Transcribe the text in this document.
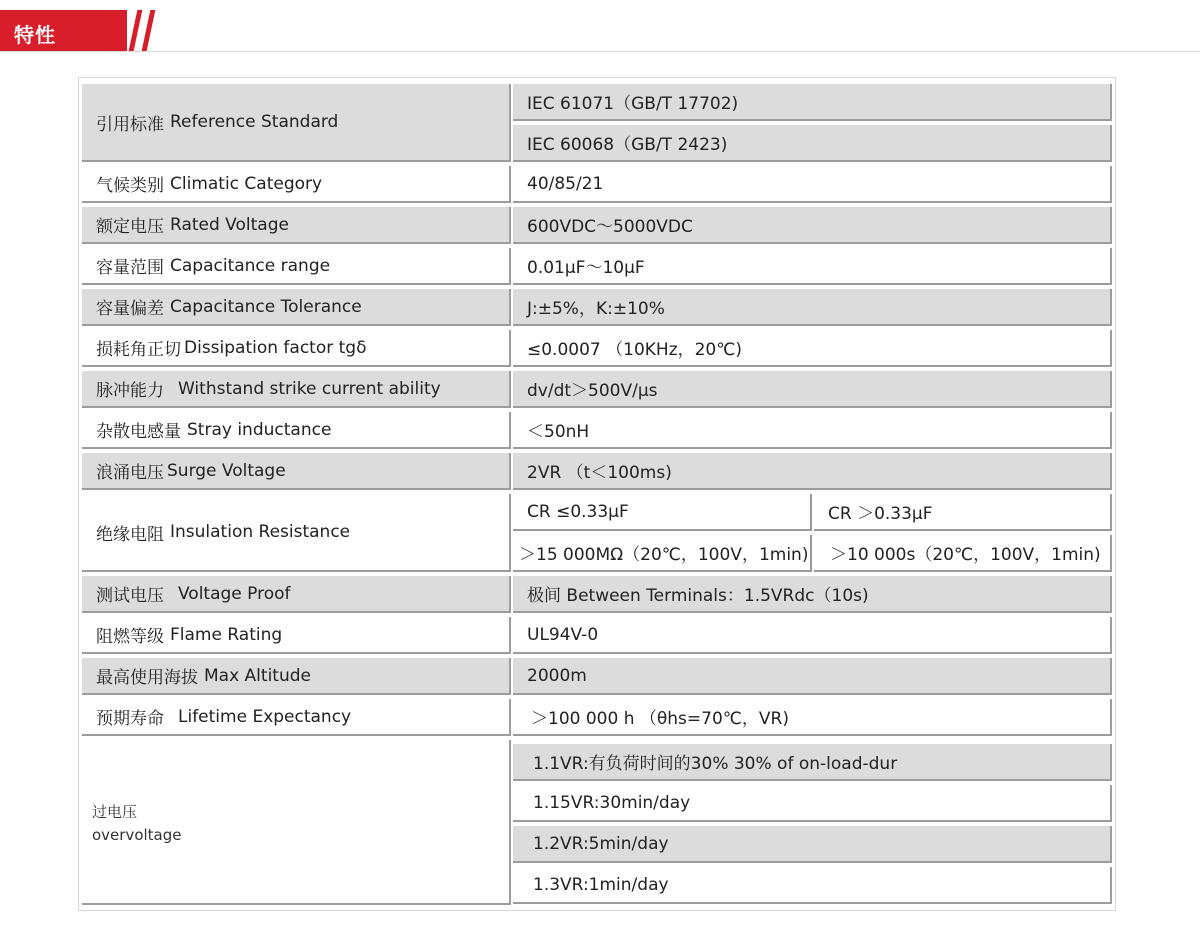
特性
引用标准 Reference Standard
IEC 61071（GB/T 17702)
IEC 60068（GB/T 2423)
气候类别 Climatic Category	40/85/21
额定电压 Rated Voltage	600VDC～5000VDC
容量范围 Capacitance range	0.01μF～10μF
容量偏差 Capacitance Tolerance	J:±5%，K:±10%
损耗角正切 Dissipation factor tgδ	≤0.0007 （10KHz，20℃)
脉冲能力 Withstand strike current ability	dv/dt＞500V/μs
杂散电感量 Stray inductance	＜50nH
浪涌电压 Surge Voltage	2VR （t＜100ms)
绝缘电阻 Insulation Resistance
CR ≤0.33μF	CR ＞0.33μF
＞15 000MΩ（20℃，100V，1min)	＞10 000s（20℃，100V，1min)
测试电压 Voltage Proof	极间 Between Terminals：1.5VRdc（10s)
阻燃等级 Flame Rating	UL94V-0
最高使用海拔 Max Altitude	2000m
预期寿命 Lifetime Expectancy	＞100 000 h （θhs=70℃，VR)
过电压
overvoltage
1.1VR:有负荷时间的30% 30% of on-load-dur
1.15VR:30min/day
1.2VR:5min/day
1.3VR:1min/day
